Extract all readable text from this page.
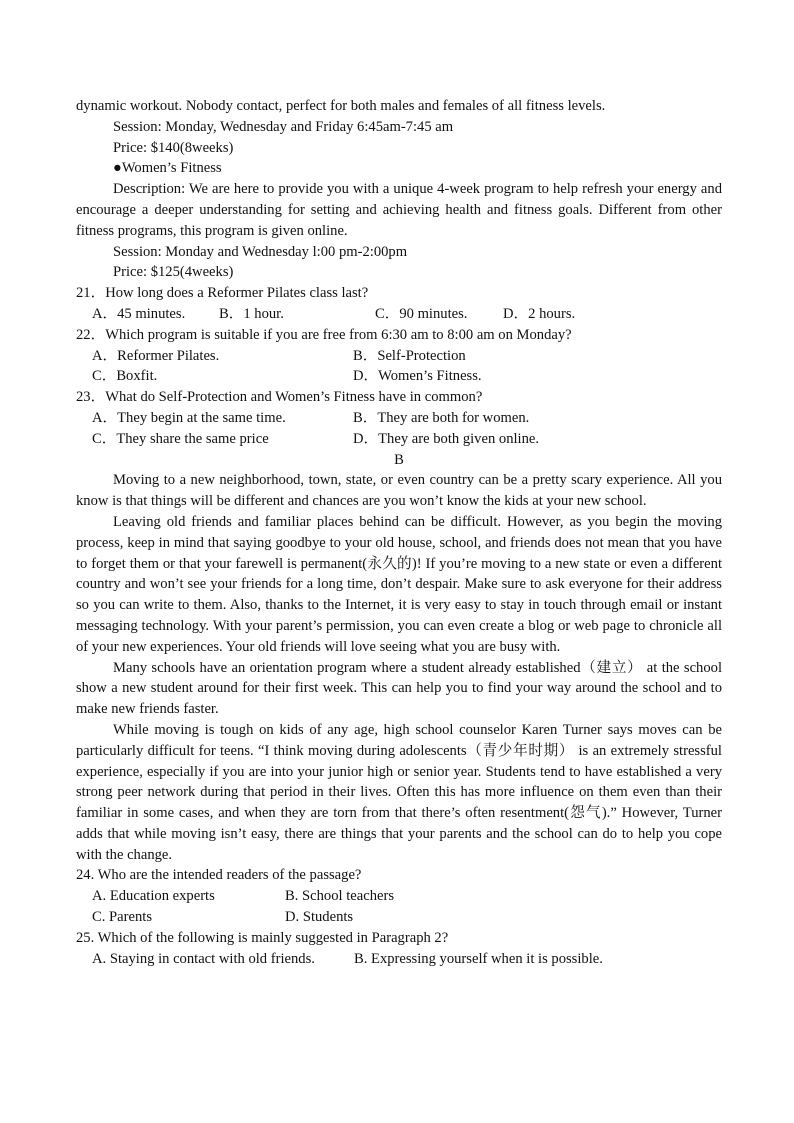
dynamic workout. Nobody contact, perfect for both males and females of all fitness levels.

Session: Monday, Wednesday and Friday 6:45am-7:45 am

Price: $140(8weeks)

●Women’s Fitness

Description: We are here to provide you with a unique 4-week program to help refresh your energy and encourage a deeper understanding for setting and achieving health and fitness goals. Different from other fitness programs, this program is given online.

Session: Monday and Wednesday l:00 pm-2:00pm

Price: $125(4weeks)

21．How long does a Reformer Pilates class last?

A．45 minutes.	B．1 hour.	C．90 minutes.	D．2 hours.

22．Which program is suitable if you are free from 6:30 am to 8:00 am on Monday?

A．Reformer Pilates.	B．Self-Protection
C．Boxfit.	D．Women’s Fitness.

23．What do Self-Protection and Women’s Fitness have in common?

A．They begin at the same time.	B．They are both for women.
C．They share the same price	D．They are both given online.

B

Moving to a new neighborhood, town, state, or even country can be a pretty scary experience. All you know is that things will be different and chances are you won’t know the kids at your new school.

Leaving old friends and familiar places behind can be difficult. However, as you begin the moving process, keep in mind that saying goodbye to your old house, school, and friends does not mean that you have to forget them or that your farewell is permanent(永久的)! If you’re moving to a new state or even a different country and won’t see your friends for a long time, don’t despair. Make sure to ask everyone for their address so you can write to them. Also, thanks to the Internet, it is very easy to stay in touch through email or instant messaging technology. With your parent’s permission, you can even create a blog or web page to chronicle all of your new experiences. Your old friends will love seeing what you are busy with.

Many schools have an orientation program where a student already established（建立） at the school show a new student around for their first week. This can help you to find your way around the school and to make new friends faster.

While moving is tough on kids of any age, high school counselor Karen Turner says moves can be particularly difficult for teens. “I think moving during adolescents（青少年时期） is an extremely stressful experience, especially if you are into your junior high or senior year. Students tend to have established a very strong peer network during that period in their lives. Often this has more influence on them even than their familiar in some cases, and when they are torn from that there’s often resentment(怨气).” However, Turner adds that while moving isn’t easy, there are things that your parents and the school can do to help you cope with the change.

24. Who are the intended readers of the passage?

A. Education experts	B. School teachers
C. Parents	D. Students

25. Which of the following is mainly suggested in Paragraph 2?

A. Staying in contact with old friends.	B. Expressing yourself when it is possible.
